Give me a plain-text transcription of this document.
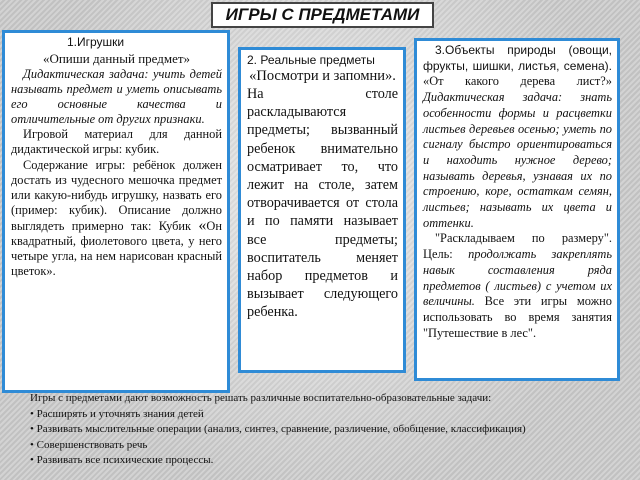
ИГРЫ С ПРЕДМЕТАМИ

1.Игрушки

«Опиши данный предмет»

Дидактическая задача: учить детей называть предмет и уметь описывать его основные качества и отличительные от других признаки.

Игровой материал для данной дидактической игры: кубик.

Содержание игры: ребёнок должен достать из чудесного мешочка предмет или какую-нибудь игрушку, назвать его (пример: кубик). Описание должно выглядеть примерно так: Кубик «Он квадратный, фиолетового цвета, у него четыре угла, на нем нарисован красный цветок».

2. Реальные предметы

«Посмотри и запомни».

На столе раскладываются предметы; вызванный ребенок внимательно осматривает то, что лежит на столе, затем отворачивается от стола и по памяти называет все предметы; воспитатель меняет набор предметов и вызывает следующего ребенка.

3.Объекты природы (овощи, фрукты, шишки, листья, семена). «От какого дерева лист?» Дидактическая задача: знать особенности формы и расцветки листьев деревьев осенью; уметь по сигналу быстро ориентироваться и находить нужное дерево; называть деревья, узнавая их по строению, коре, остаткам семян, листьев; называть их цвета и оттенки.

"Раскладываем по размеру". Цель: продолжать закреплять навык составления ряда предметов ( листьев) с учетом их величины. Все эти игры можно использовать во время занятия "Путешествие в лес".

Игры с предметами дают возможность решать различные воспитательно-образовательные задачи:

• Расширять и уточнять знания детей
• Развивать мыслительные операции (анализ, синтез, сравнение, различение, обобщение, классификация)
• Совершенствовать речь
• Развивать все психические процессы.
